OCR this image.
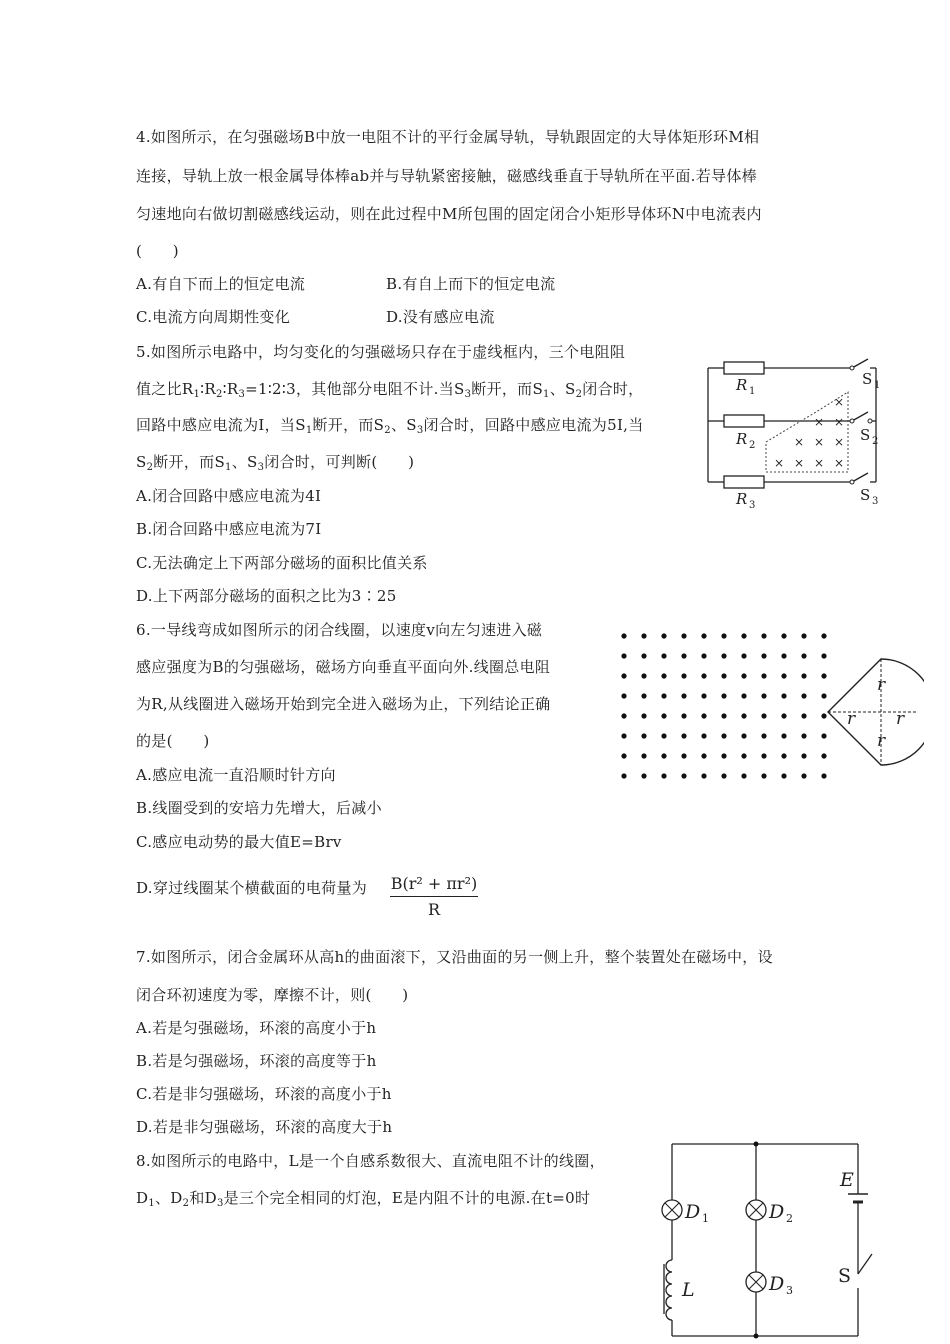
4.如图所示，在匀强磁场B中放一电阻不计的平行金属导轨，导轨跟固定的大导体矩形环M相
连接，导轨上放一根金属导体棒ab并与导轨紧密接触，磁感线垂直于导轨所在平面.若导体棒
匀速地向右做切割磁感线运动，则在此过程中M所包围的固定闭合小矩形导体环N中电流表内
(　　)
A.有自下而上的恒定电流	B.有自上而下的恒定电流
C.电流方向周期性变化	D.没有感应电流
5.如图所示电路中，均匀变化的匀强磁场只存在于虚线框内，三个电阻阻
值之比$R_1∶R_2∶R_3=1∶2∶3$，其他部分电阻不计.当$S_3$断开，而$S_1$、$S_2$闭合时，
回路中感应电流为I，当$S_1$断开，而$S_2$、$S_3$闭合时，回路中感应电流为5I,当
$S_2$断开，而$S_1$、$S_3$闭合时，可判断(　　)
A.闭合回路中感应电流为4I
B.闭合回路中感应电流为7I
C.无法确定上下两部分磁场的面积比值关系
D.上下两部分磁场的面积之比为3∶25
×
×
×
×
×
×
×
×
×
×
R 1
R 2
R 3
S 1
S 2
S 3
6.一导线弯成如图所示的闭合线圈，以速度v向左匀速进入磁
感应强度为B的匀强磁场，磁场方向垂直平面向外.线圈总电阻
为R,从线圈进入磁场开始到完全进入磁场为止，下列结论正确
的是(　　)
A.感应电流一直沿顺时针方向
B.线圈受到的安培力先增大，后减小
C.感应电动势的最大值E=Brv
D.穿过线圈某个横截面的电荷量为 $\frac{\text{B(r² + πr²)}}{R}$
r
r r
r
7.如图所示，闭合金属环从高h的曲面滚下，又沿曲面的另一侧上升，整个装置处在磁场中，设
闭合环初速度为零，摩擦不计，则(　　)
A.若是匀强磁场，环滚的高度小于h
B.若是匀强磁场，环滚的高度等于h
C.若是非匀强磁场，环滚的高度小于h
D.若是非匀强磁场，环滚的高度大于h
8.如图所示的电路中，L是一个自感系数很大、直流电阻不计的线圈，
$D_1$、$D_2$和$D_3$是三个完全相同的灯泡，E是内阻不计的电源.在t=0时
D 1	D 2
D 3
L
E
S
